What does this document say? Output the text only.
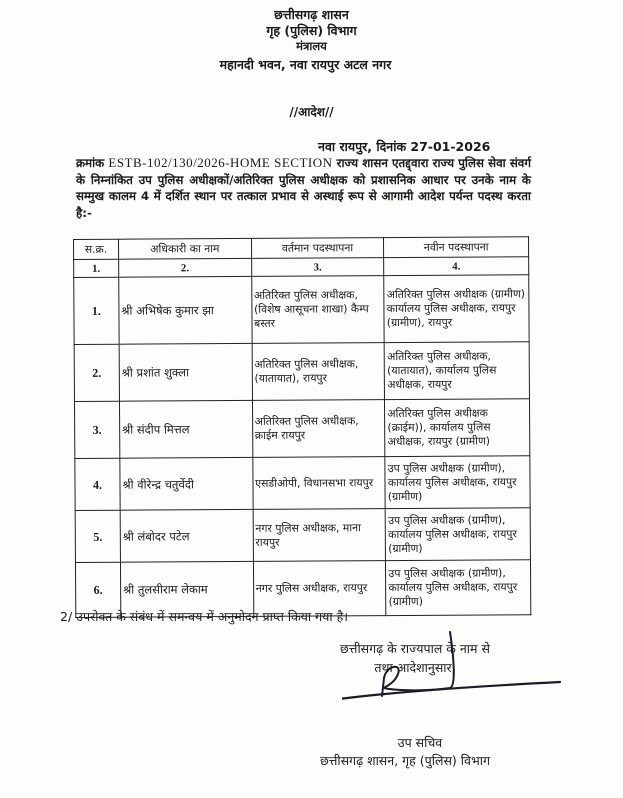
छत्तीसगढ़ शासन
गृह (पुलिस) विभाग
मंत्रालय
महानदी भवन, नवा रायपुर अटल नगर
//आदेश//
नवा रायपुर, दिनांक 27-01-2026
क्रमांक ESTB-102/130/2026-HOME SECTION राज्य शासन एतद्द्वारा राज्य पुलिस सेवा संवर्ग के निम्नांकित उप पुलिस अधीक्षकों/अतिरिक्त पुलिस अधीक्षक को प्रशासनिक आधार पर उनके नाम के सम्मुख कालम 4 में दर्शित स्थान पर तत्काल प्रभाव से अस्थाई रूप से आगामी आदेश पर्यन्त पदस्थ करता है:-
स.क्र.	अधिकारी का नाम	वर्तमान पदस्थापना	नवीन पदस्थापना
1.	2.	3.	4.
1.	श्री अभिषेक कुमार झा	अतिरिक्त पुलिस अधीक्षक, (विशेष आसूचना शाखा) कैम्प बस्तर	अतिरिक्त पुलिस अधीक्षक (ग्रामीण) कार्यालय पुलिस अधीक्षक, रायपुर (ग्रामीण), रायपुर
2.	श्री प्रशांत शुक्ला	अतिरिक्त पुलिस अधीक्षक, (यातायात), रायपुर	अतिरिक्त पुलिस अधीक्षक, (यातायात), कार्यालय पुलिस अधीक्षक, रायपुर
3.	श्री संदीप मित्तल	अतिरिक्त पुलिस अधीक्षक, क्राईम रायपुर	अतिरिक्त पुलिस अधीक्षक (क्राईम)), कार्यालय पुलिस अधीक्षक, रायपुर (ग्रामीण)
4.	श्री वीरेन्द्र चतुर्वेदी	एसडीओपी, विधानसभा रायपुर	उप पुलिस अधीक्षक (ग्रामीण), कार्यालय पुलिस अधीक्षक, रायपुर (ग्रामीण)
5.	श्री लंबोदर पटेल	नगर पुलिस अधीक्षक, माना रायपुर	उप पुलिस अधीक्षक (ग्रामीण), कार्यालय पुलिस अधीक्षक, रायपुर (ग्रामीण)
6.	श्री तुलसीराम लेकाम	नगर पुलिस अधीक्षक, रायपुर	उप पुलिस अधीक्षक (ग्रामीण), कार्यालय पुलिस अधीक्षक, रायपुर (ग्रामीण)
2/ उपरोक्त के संबंध में समन्वय में अनुमोदन प्राप्त किया गया है।
छत्तीसगढ़ के राज्यपाल के नाम से
तथा आदेशानुसार,
उप सचिव
छत्तीसगढ़ शासन, गृह (पुलिस) विभाग
